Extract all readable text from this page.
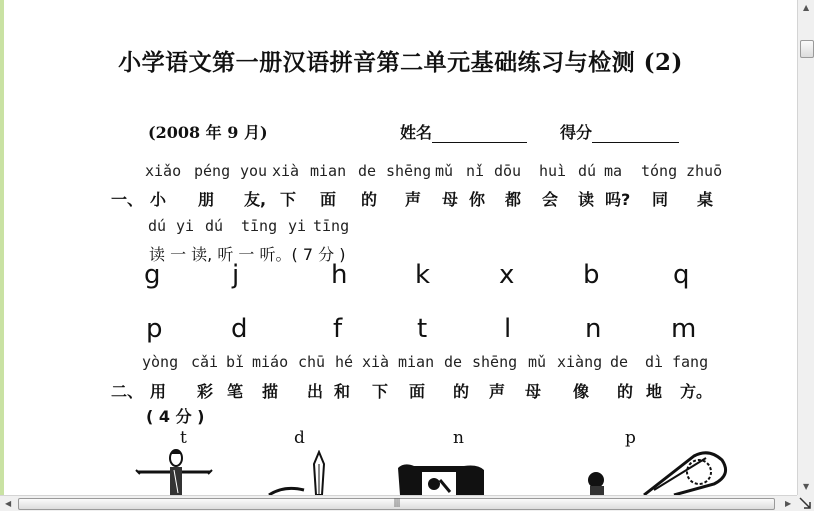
小学语文第一册汉语拼音第二单元基础练习与检测 (2)
(2008 年 9 月)	姓名	得分
xiǎo péng you xià mian de shēng mǔ nǐ dōu huì dú ma tóng zhuō
一、 小 朋 友, 下 面 的 声 母 你 都 会 读 吗? 同 桌
dú yi dú tīng yi tīng
读 一 读, 听 一 听。( 7 分 )
g	j	h	k	x	b	q
p	d	f	t	l	n	m
yòng cǎi bǐ miáo chū hé xià mian de shēng mǔ xiàng de dì fang
二、 用 彩 笔 描 出 和 下 面 的 声 母 像 的 地 方。
( 4 分 )
t	d	n	p
▲
▼
◀	|||	▶
